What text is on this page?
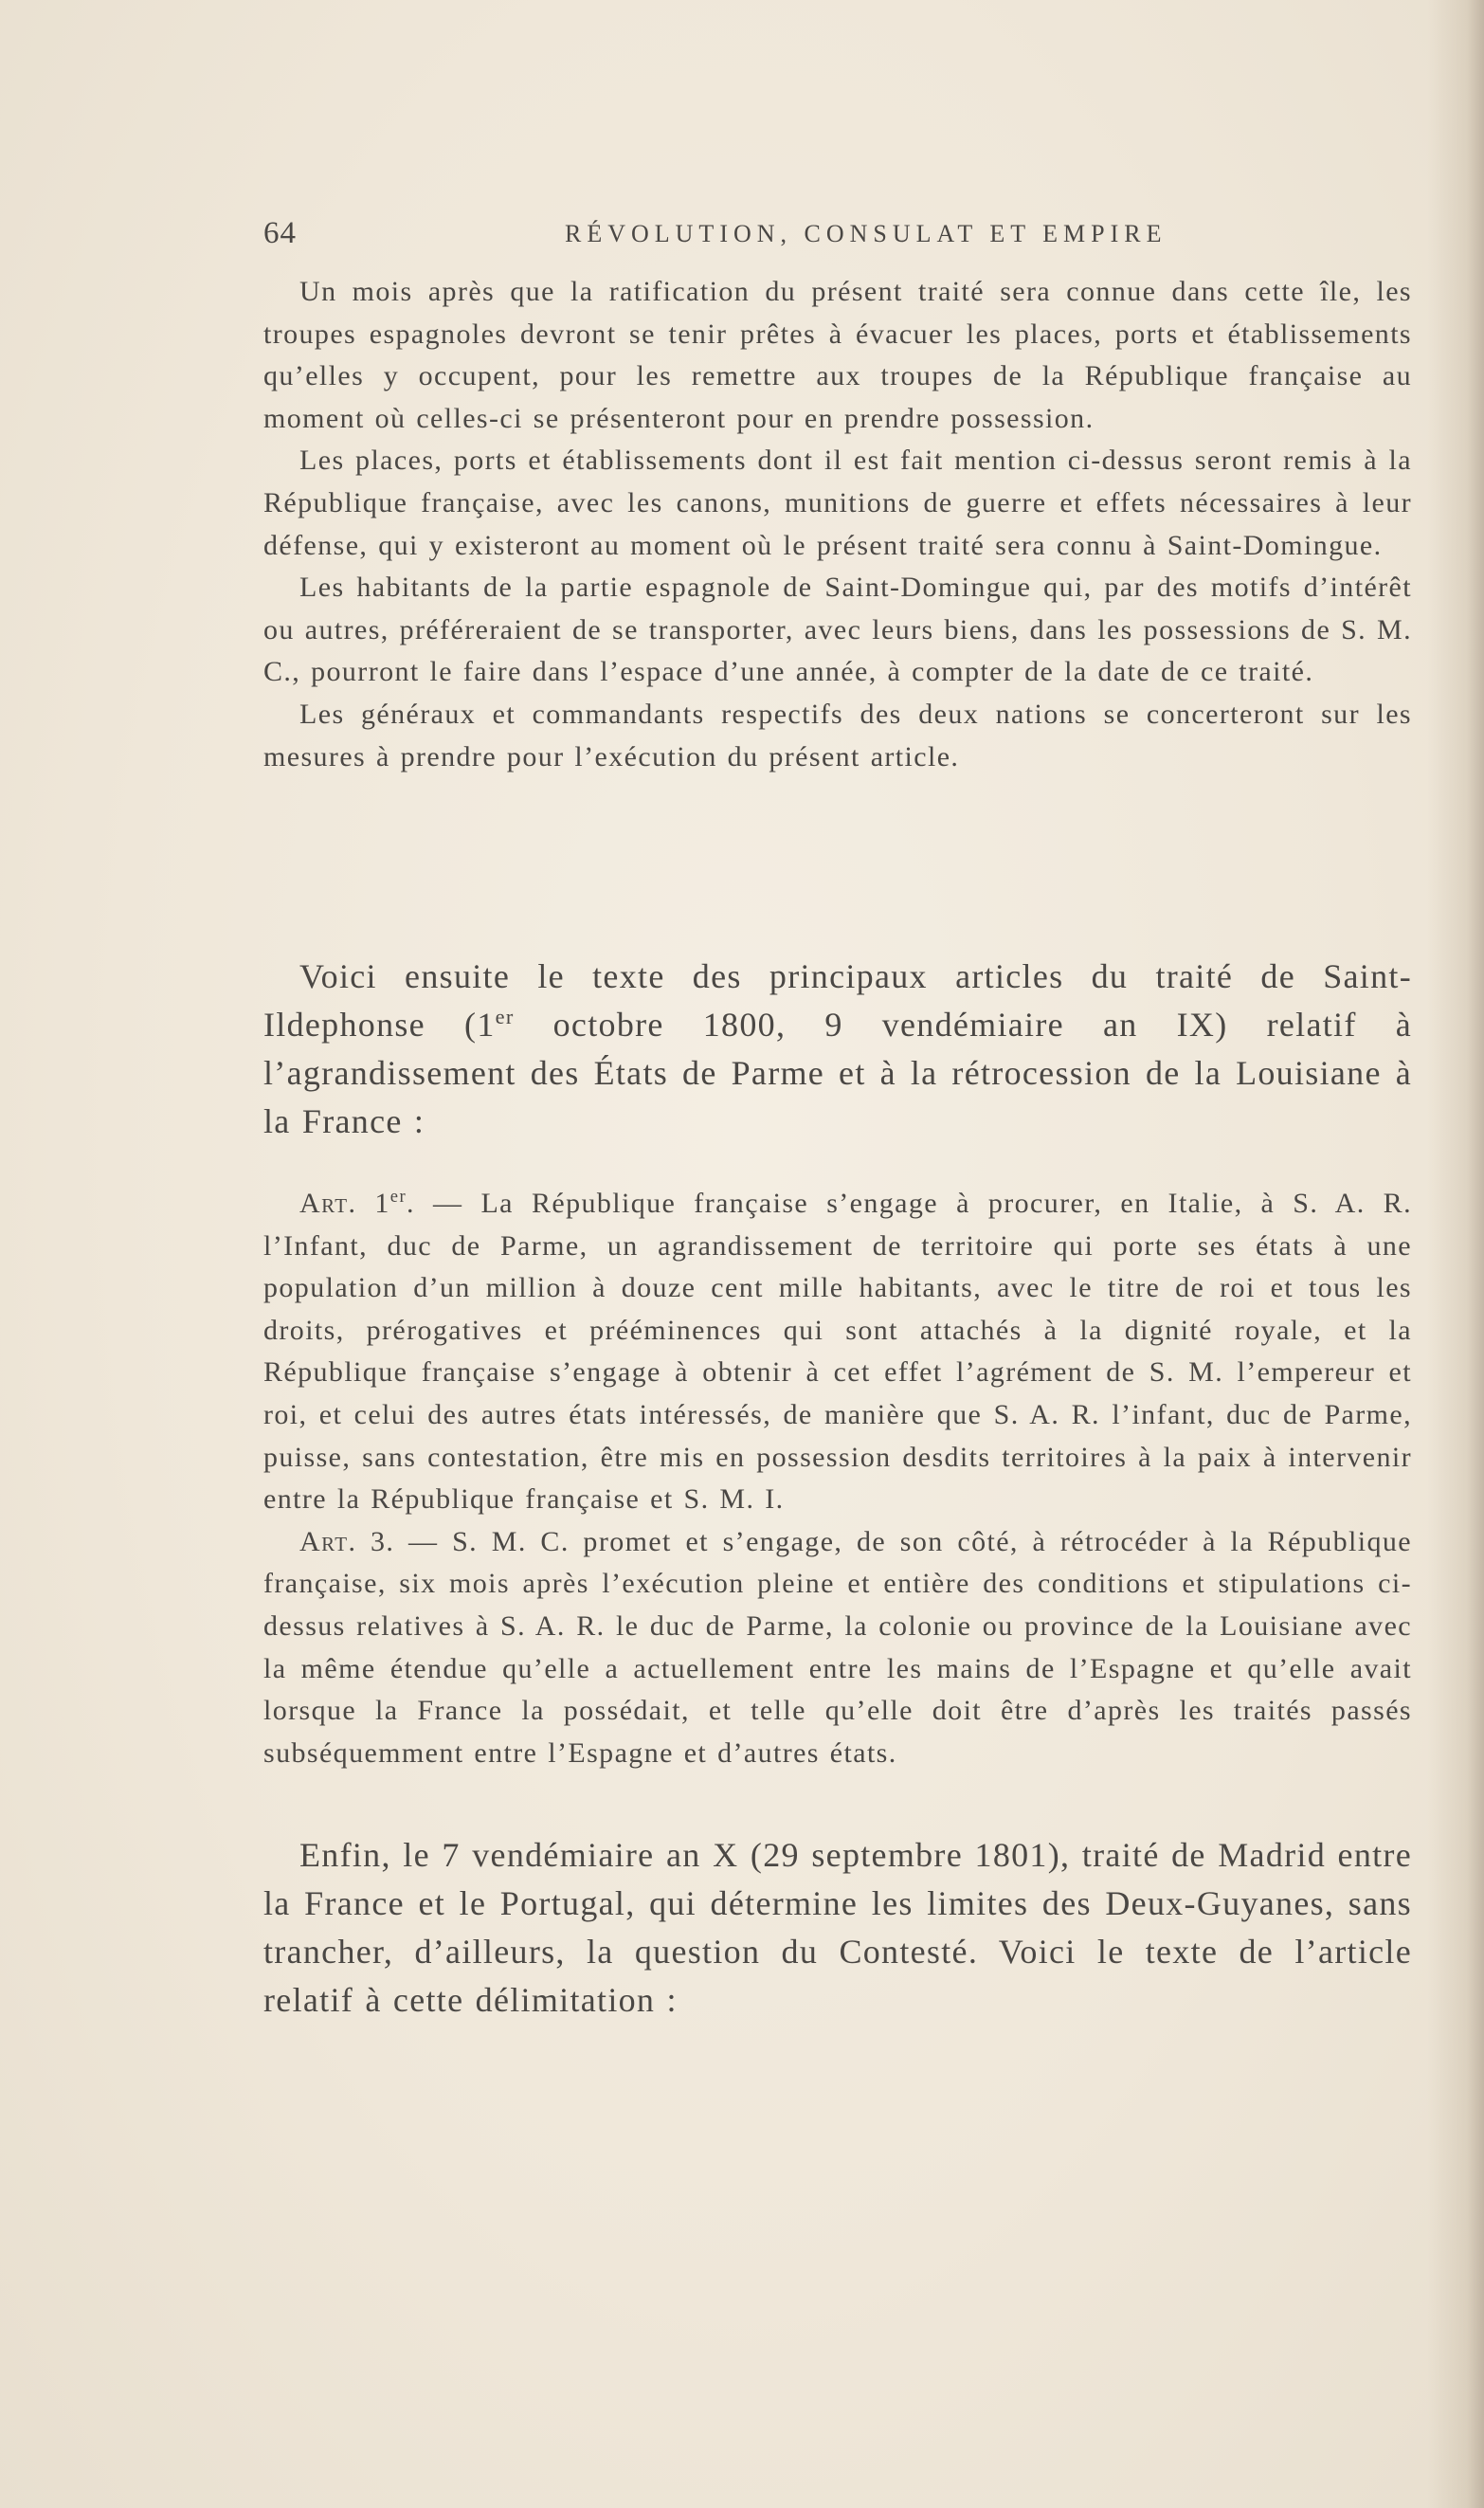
64	RÉVOLUTION, CONSULAT ET EMPIRE

Un mois après que la ratification du présent traité sera connue dans cette île, les troupes espagnoles devront se tenir prêtes à évacuer les places, ports et établissements qu’elles y occupent, pour les remettre aux troupes de la République française au moment où celles-ci se présenteront pour en prendre possession.

Les places, ports et établissements dont il est fait mention ci-dessus seront remis à la République française, avec les canons, munitions de guerre et effets nécessaires à leur défense, qui y existeront au moment où le présent traité sera connu à Saint-Domingue.

Les habitants de la partie espagnole de Saint-Domingue qui, par des motifs d’intérêt ou autres, préféreraient de se transporter, avec leurs biens, dans les possessions de S. M. C., pourront le faire dans l’espace d’une année, à compter de la date de ce traité.

Les généraux et commandants respectifs des deux nations se concerteront sur les mesures à prendre pour l’exécution du présent article.

Voici ensuite le texte des principaux articles du traité de Saint-Ildephonse (1er octobre 1800, 9 vendémiaire an IX) relatif à l’agrandissement des États de Parme et à la rétrocession de la Louisiane à la France :

Art. 1er. — La République française s’engage à procurer, en Italie, à S. A. R. l’Infant, duc de Parme, un agrandissement de territoire qui porte ses états à une population d’un million à douze cent mille habitants, avec le titre de roi et tous les droits, prérogatives et prééminences qui sont attachés à la dignité royale, et la République française s’engage à obtenir à cet effet l’agrément de S. M. l’empereur et roi, et celui des autres états intéressés, de manière que S. A. R. l’infant, duc de Parme, puisse, sans contestation, être mis en possession desdits territoires à la paix à intervenir entre la République française et S. M. I.

Art. 3. — S. M. C. promet et s’engage, de son côté, à rétrocéder à la République française, six mois après l’exécution pleine et entière des conditions et stipulations ci-dessus relatives à S. A. R. le duc de Parme, la colonie ou province de la Louisiane avec la même étendue qu’elle a actuellement entre les mains de l’Espagne et qu’elle avait lorsque la France la possédait, et telle qu’elle doit être d’après les traités passés subséquemment entre l’Espagne et d’autres états.

Enfin, le 7 vendémiaire an X (29 septembre 1801), traité de Madrid entre la France et le Portugal, qui détermine les limites des Deux-Guyanes, sans trancher, d’ailleurs, la question du Contesté. Voici le texte de l’article relatif à cette délimitation :
